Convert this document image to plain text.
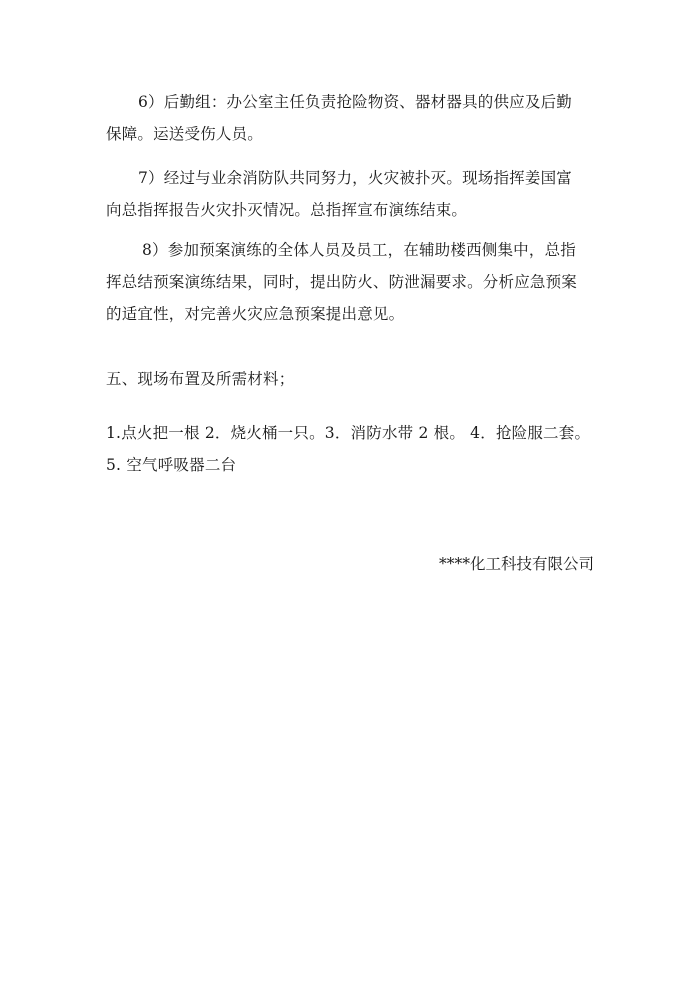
6）后勤组：办公室主任负责抢险物资、器材器具的供应及后勤
保障。运送受伤人员。
7）经过与业余消防队共同努力，火灾被扑灭。现场指挥姜国富
向总指挥报告火灾扑灭情况。总指挥宣布演练结束。
8）参加预案演练的全体人员及员工，在辅助楼西侧集中，总指
挥总结预案演练结果，同时，提出防火、防泄漏要求。分析应急预案
的适宜性，对完善火灾应急预案提出意见。
五、现场布置及所需材料；
1.点火把一根 2．烧火桶一只。3．消防水带 2 根。 4．抢险服二套。
5. 空气呼吸器二台
****化工科技有限公司
